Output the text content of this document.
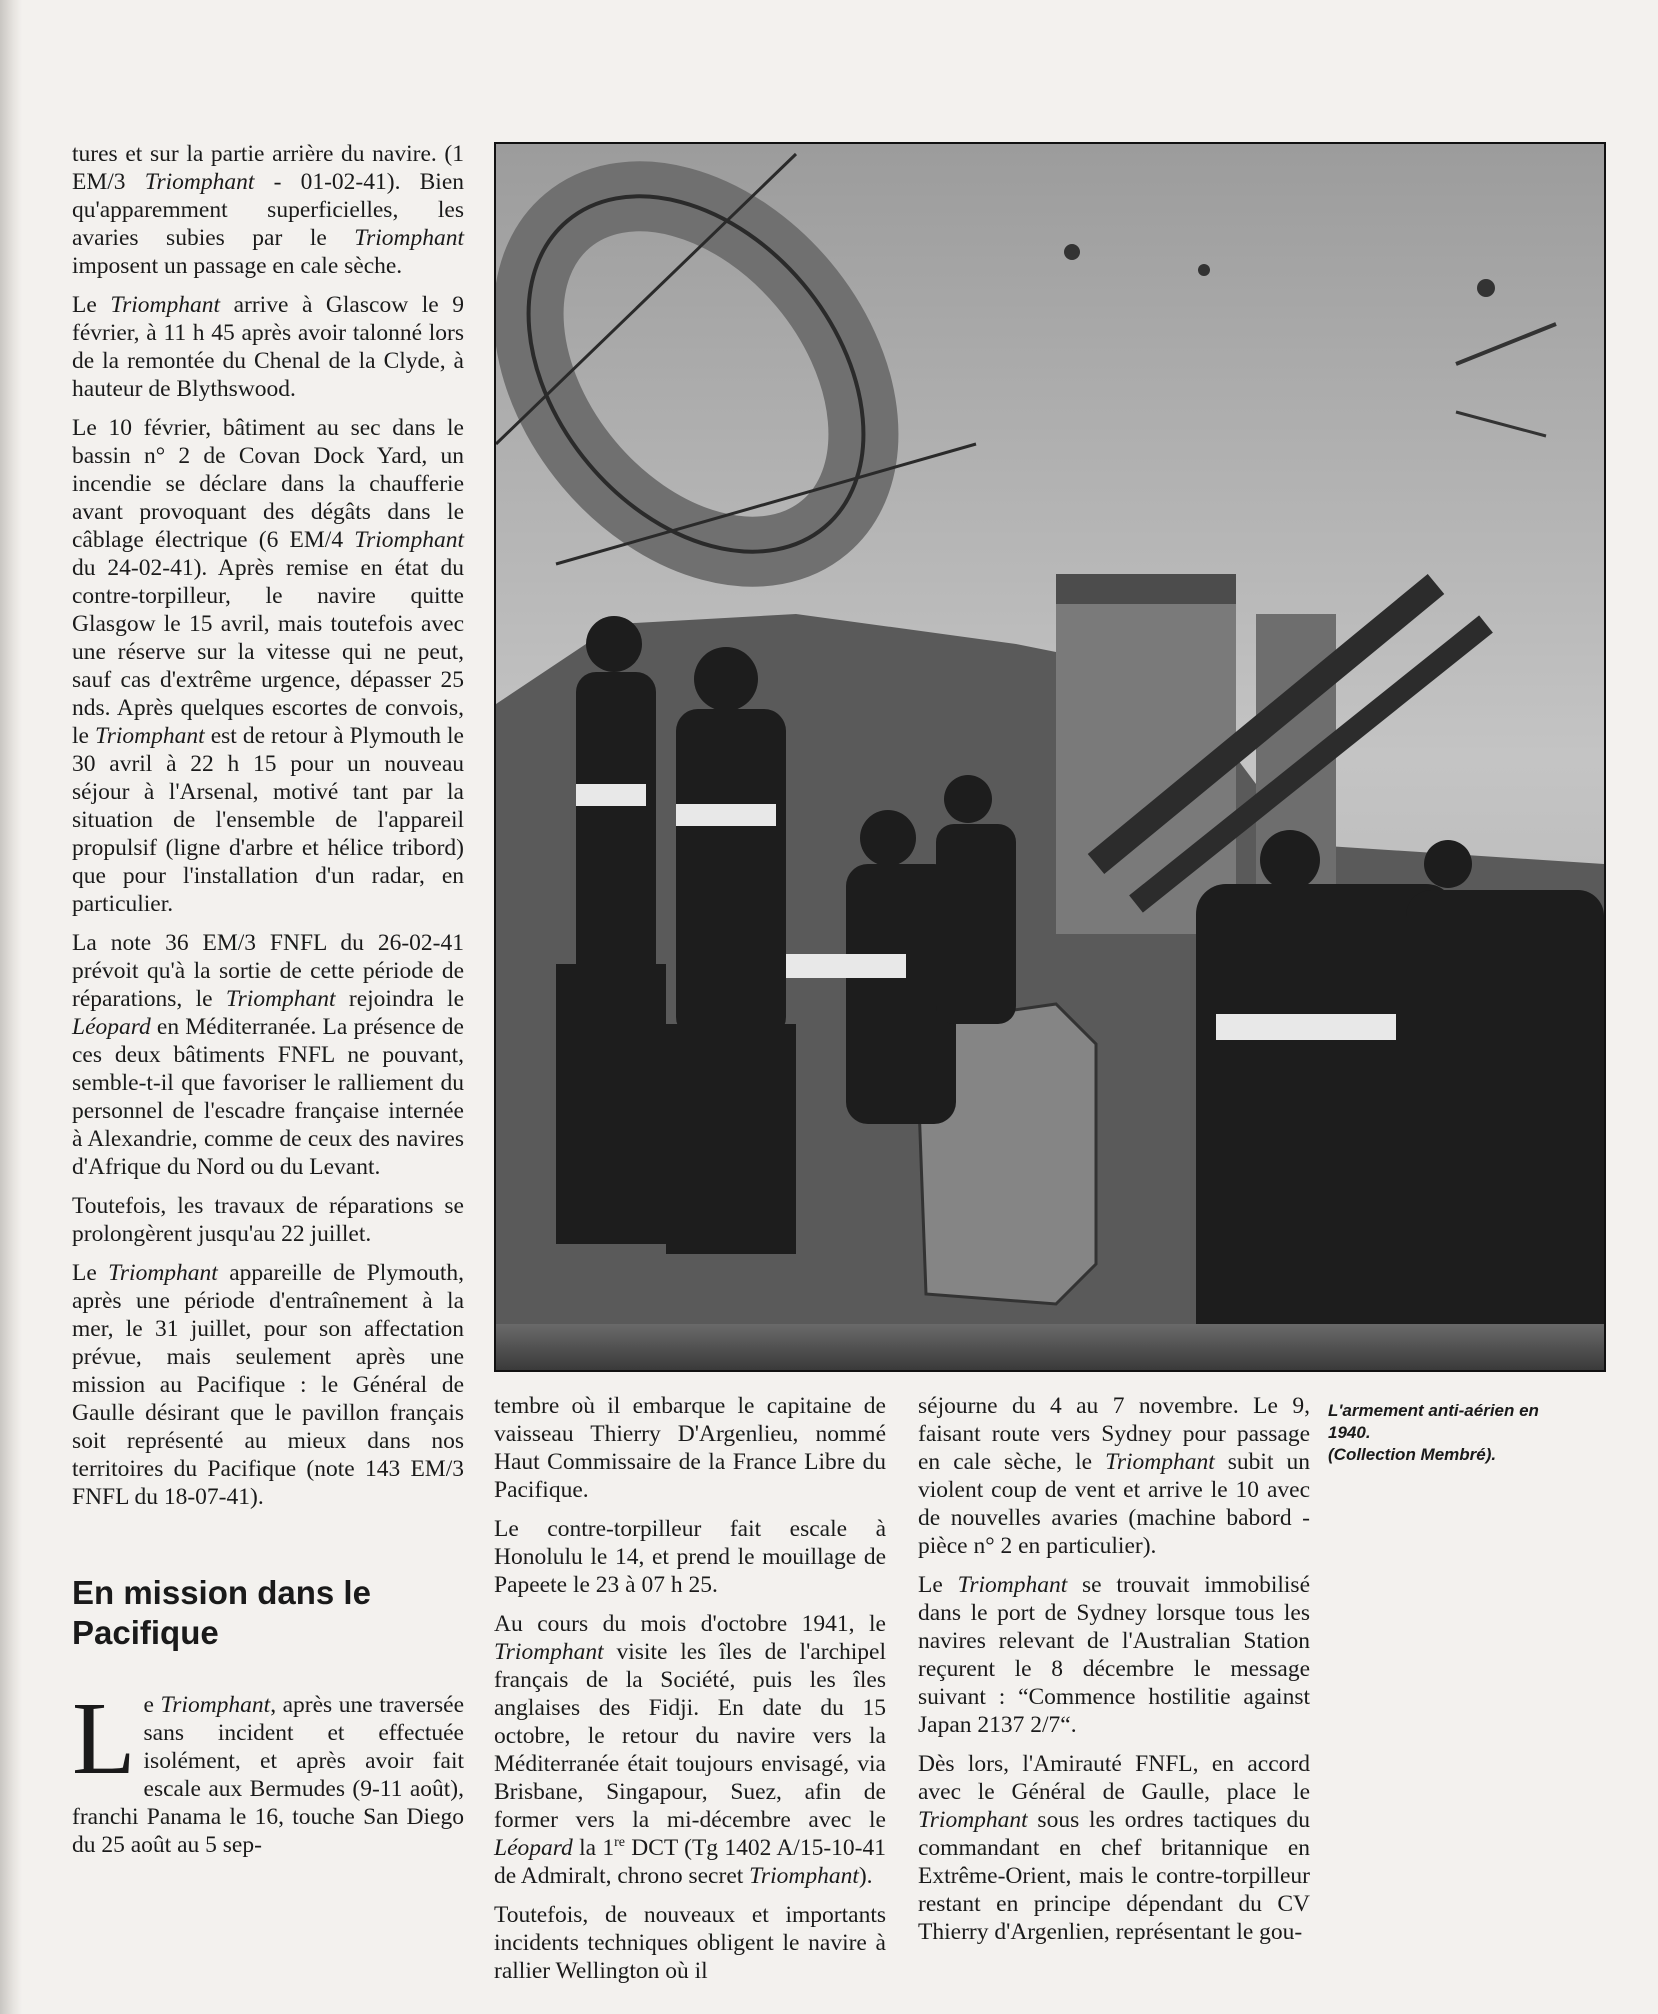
tures et sur la partie arrière du navire. (1 EM/3 Triomphant - 01-02-41). Bien qu'apparemment superficielles, les avaries subies par le Triomphant imposent un passage en cale sèche.

Le Triomphant arrive à Glascow le 9 février, à 11 h 45 après avoir talonné lors de la remontée du Chenal de la Clyde, à hauteur de Blythswood.

Le 10 février, bâtiment au sec dans le bassin n° 2 de Covan Dock Yard, un incendie se déclare dans la chaufferie avant provoquant des dégâts dans le câblage électrique (6 EM/4 Triomphant du 24-02-41). Après remise en état du contre-torpilleur, le navire quitte Glasgow le 15 avril, mais toutefois avec une réserve sur la vitesse qui ne peut, sauf cas d'extrême urgence, dépasser 25 nds. Après quelques escortes de convois, le Triomphant est de retour à Plymouth le 30 avril à 22 h 15 pour un nouveau séjour à l'Arsenal, motivé tant par la situation de l'ensemble de l'appareil propulsif (ligne d'arbre et hélice tribord) que pour l'installation d'un radar, en particulier.

La note 36 EM/3 FNFL du 26-02-41 prévoit qu'à la sortie de cette période de réparations, le Triomphant rejoindra le Léopard en Méditerranée. La présence de ces deux bâtiments FNFL ne pouvant, semble-t-il que favoriser le ralliement du personnel de l'escadre française internée à Alexandrie, comme de ceux des navires d'Afrique du Nord ou du Levant.

Toutefois, les travaux de réparations se prolongèrent jusqu'au 22 juillet.

Le Triomphant appareille de Plymouth, après une période d'entraînement à la mer, le 31 juillet, pour son affectation prévue, mais seulement après une mission au Pacifique : le Général de Gaulle désirant que le pavillon français soit représenté au mieux dans nos territoires du Pacifique (note 143 EM/3 FNFL du 18-07-41).

En mission dans le Pacifique

Le Triomphant, après une traversée sans incident et effectuée isolément, et après avoir fait escale aux Bermudes (9-11 août), franchi Panama le 16, touche San Diego du 25 août au 5 sep-

tembre où il embarque le capitaine de vaisseau Thierry D'Argenlieu, nommé Haut Commissaire de la France Libre du Pacifique.

Le contre-torpilleur fait escale à Honolulu le 14, et prend le mouillage de Papeete le 23 à 07 h 25.

Au cours du mois d'octobre 1941, le Triomphant visite les îles de l'archipel français de la Société, puis les îles anglaises des Fidji. En date du 15 octobre, le retour du navire vers la Méditerranée était toujours envisagé, via Brisbane, Singapour, Suez, afin de former vers la mi-décembre avec le Léopard la 1re DCT (Tg 1402 A/15-10-41 de Admiralt, chrono secret Triomphant).

Toutefois, de nouveaux et importants incidents techniques obligent le navire à rallier Wellington où il

séjourne du 4 au 7 novembre. Le 9, faisant route vers Sydney pour passage en cale sèche, le Triomphant subit un violent coup de vent et arrive le 10 avec de nouvelles avaries (machine babord - pièce n° 2 en particulier).

Le Triomphant se trouvait immobilisé dans le port de Sydney lorsque tous les navires relevant de l'Australian Station reçurent le 8 décembre le message suivant : “Commence hostilitie against Japan 2137 2/7“.

Dès lors, l'Amirauté FNFL, en accord avec le Général de Gaulle, place le Triomphant sous les ordres tactiques du commandant en chef britannique en Extrême-Orient, mais le contre-torpilleur restant en principe dépendant du CV Thierry d'Argenlien, représentant le gou-

L'armement anti-aérien en 1940.
(Collection Membré).
